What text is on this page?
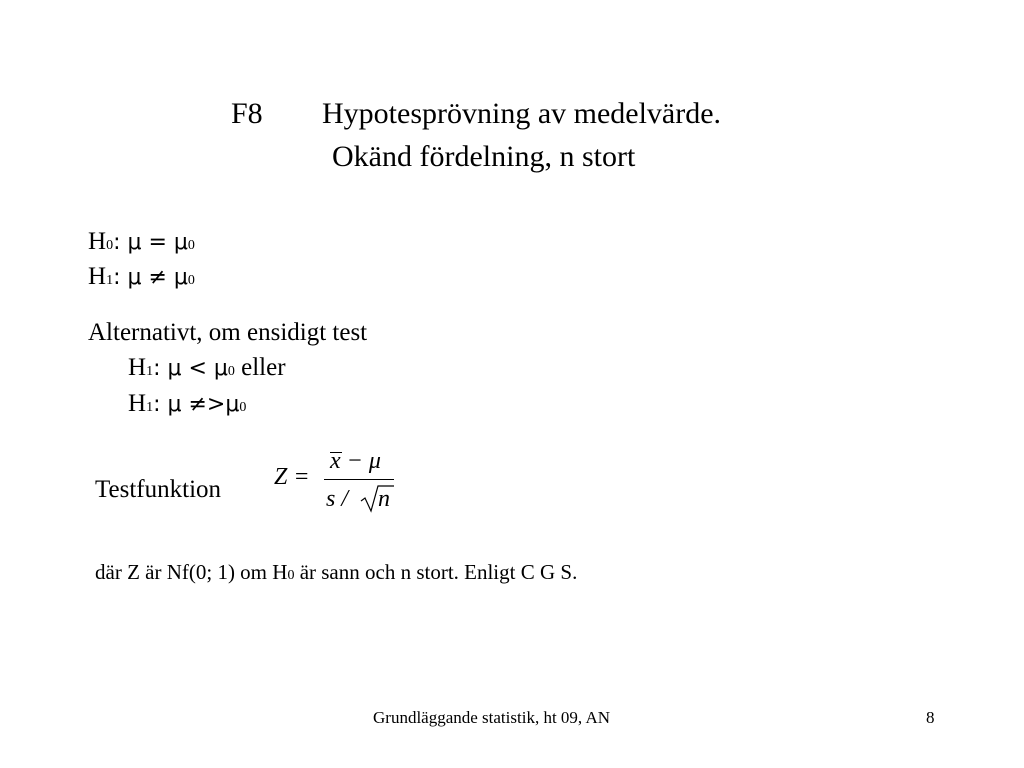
F8 Hypotesprövning av medelvärde.
Okänd fördelning, n stort
H0: μ = μ0
H1: μ ≠ μ0
Alternativt, om ensidigt test
H1: μ < μ0 eller
H1: μ ≠>μ0
Testfunktion Z =
x − μ
s / n
där Z är Nf(0; 1) om H0 är sann och n stort. Enligt C G S.
Grundläggande statistik, ht 09, AN	8
